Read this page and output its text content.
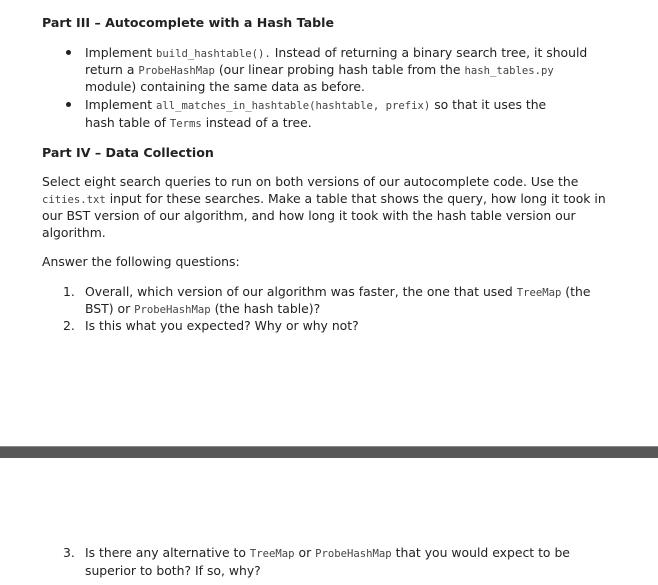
Part III – Autocomplete with a Hash Table
Implement build_hashtable(). Instead of returning a binary search tree, it should
return a ProbeHashMap (our linear probing hash table from the hash_tables.py
module) containing the same data as before.
Implement all_matches_in_hashtable(hashtable, prefix) so that it uses the
hash table of Terms instead of a tree.
Part IV – Data Collection
Select eight search queries to run on both versions of our autocomplete code. Use the
cities.txt input for these searches. Make a table that shows the query, how long it took in
our BST version of our algorithm, and how long it took with the hash table version our
algorithm.
Answer the following questions:
1. Overall, which version of our algorithm was faster, the one that used TreeMap (the
BST) or ProbeHashMap (the hash table)?
2. Is this what you expected? Why or why not?
3. Is there any alternative to TreeMap or ProbeHashMap that you would expect to be
superior to both? If so, why?
